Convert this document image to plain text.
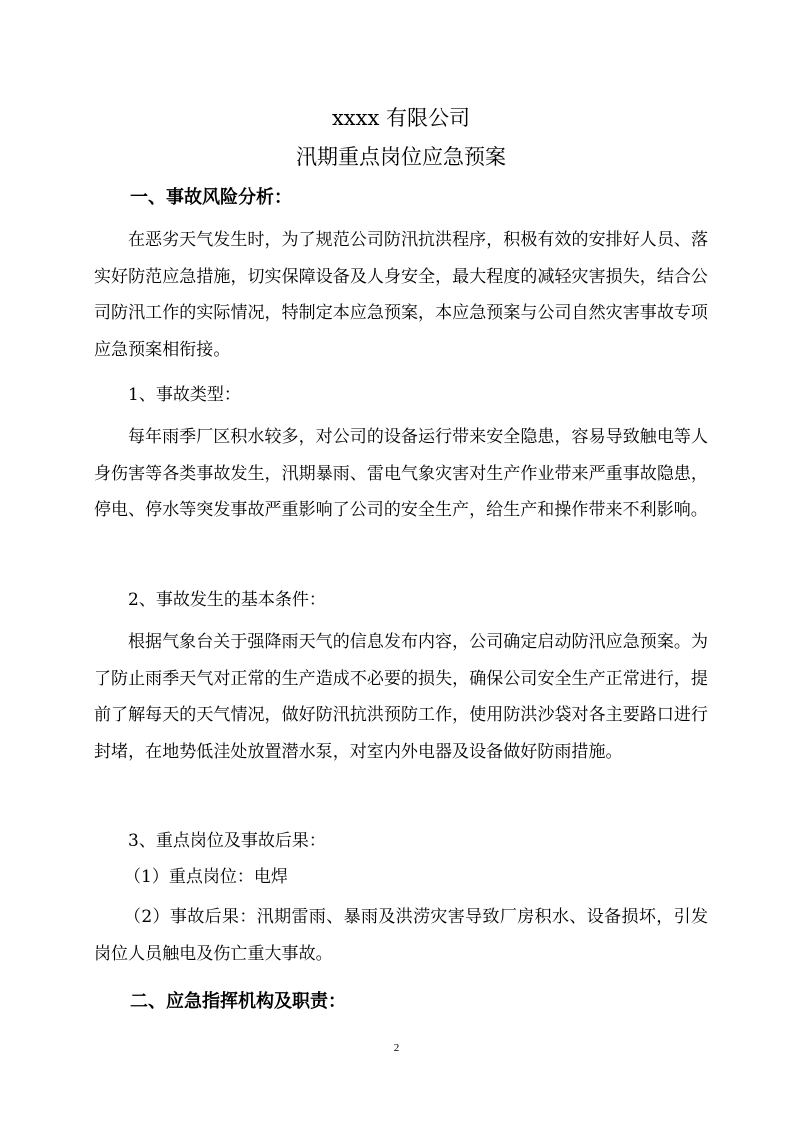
xxxx 有限公司
汛期重点岗位应急预案
一、事故风险分析：
在恶劣天气发生时，为了规范公司防汛抗洪程序，积极有效的安排好人员、落实好防范应急措施，切实保障设备及人身安全，最大程度的减轻灾害损失，结合公司防汛工作的实际情况，特制定本应急预案，本应急预案与公司自然灾害事故专项应急预案相衔接。
1、事故类型：
每年雨季厂区积水较多，对公司的设备运行带来安全隐患，容易导致触电等人身伤害等各类事故发生，汛期暴雨、雷电气象灾害对生产作业带来严重事故隐患，停电、停水等突发事故严重影响了公司的安全生产，给生产和操作带来不利影响。
2、事故发生的基本条件：
根据气象台关于强降雨天气的信息发布内容，公司确定启动防汛应急预案。为了防止雨季天气对正常的生产造成不必要的损失，确保公司安全生产正常进行，提前了解每天的天气情况，做好防汛抗洪预防工作，使用防洪沙袋对各主要路口进行封堵，在地势低洼处放置潜水泵，对室内外电器及设备做好防雨措施。
3、重点岗位及事故后果：
（1）重点岗位：电焊
（2）事故后果：汛期雷雨、暴雨及洪涝灾害导致厂房积水、设备损坏，引发岗位人员触电及伤亡重大事故。
二、应急指挥机构及职责：
2
